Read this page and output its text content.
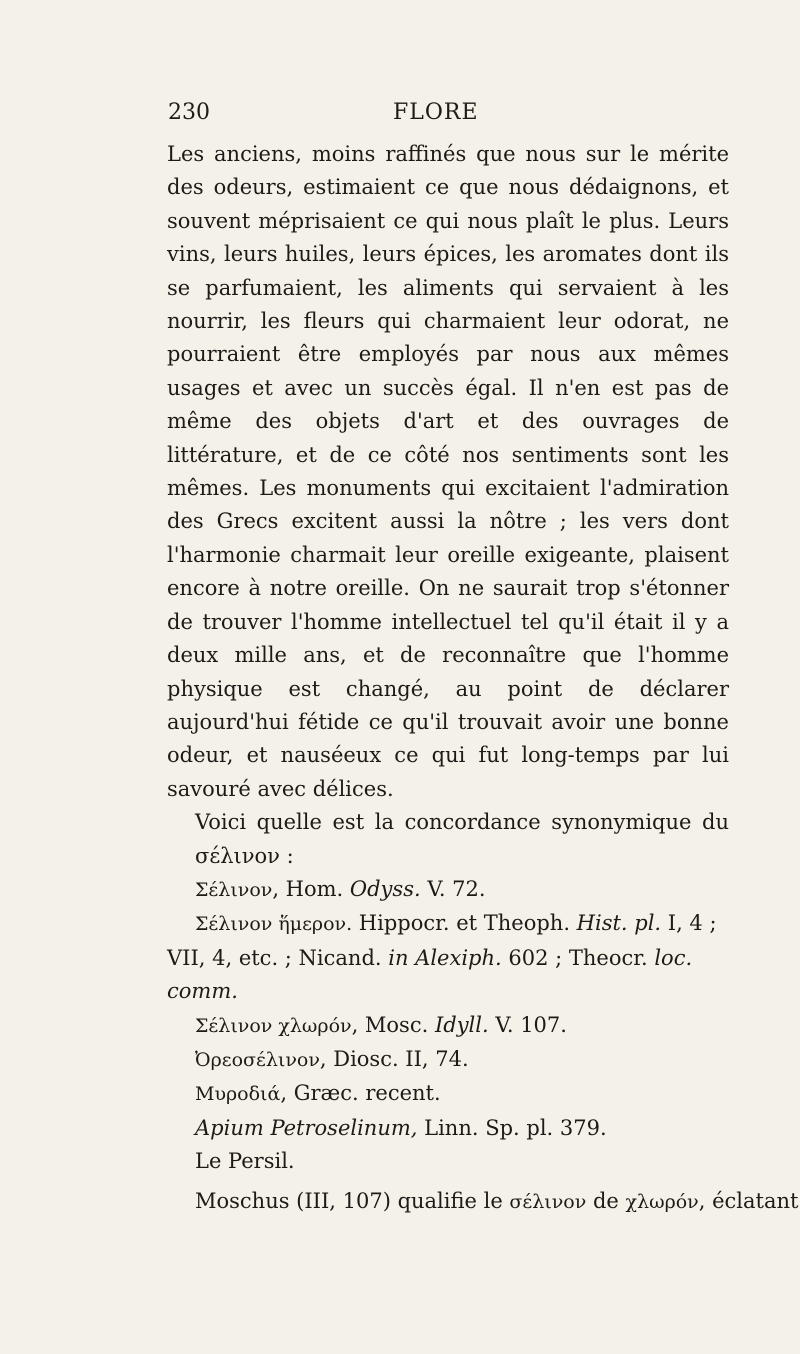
230	FLORE

Les anciens, moins raffinés que nous sur le mérite des odeurs, estimaient ce que nous dédaignons, et souvent méprisaient ce qui nous plaît le plus. Leurs vins, leurs huiles, leurs épices, les aromates dont ils se parfumaient, les aliments qui servaient à les nourrir, les fleurs qui charmaient leur odorat, ne pourraient être employés par nous aux mêmes usages et avec un succès égal. Il n'en est pas de même des objets d'art et des ouvrages de littérature, et de ce côté nos sentiments sont les mêmes. Les monuments qui excitaient l'admiration des Grecs excitent aussi la nôtre ; les vers dont l'harmonie charmait leur oreille exigeante, plaisent encore à notre oreille. On ne saurait trop s'étonner de trouver l'homme intellectuel tel qu'il était il y a deux mille ans, et de reconnaître que l'homme physique est changé, au point de déclarer aujourd'hui fétide ce qu'il trouvait avoir une bonne odeur, et nauséeux ce qui fut long-temps par lui savouré avec délices.

Voici quelle est la concordance synonymique du σέλινον :

Σέλινον, Hom. Odyss. V. 72.

Σέλινον ἥμερον. Hippocr. et Theoph. Hist. pl. I, 4 ; VII, 4, etc. ; Nicand. in Alexiph. 602 ; Theocr. loc. comm.

Σέλινον χλωρόν, Mosc. Idyll. V. 107.

Ὀρεοσέλινον, Diosc. II, 74.

Μυροδιά, Græc. recent.

Apium Petroselinum, Linn. Sp. pl. 379.

Le Persil.

Moschus (III, 107) qualifie le σέλινον de χλωρόν, éclatant
